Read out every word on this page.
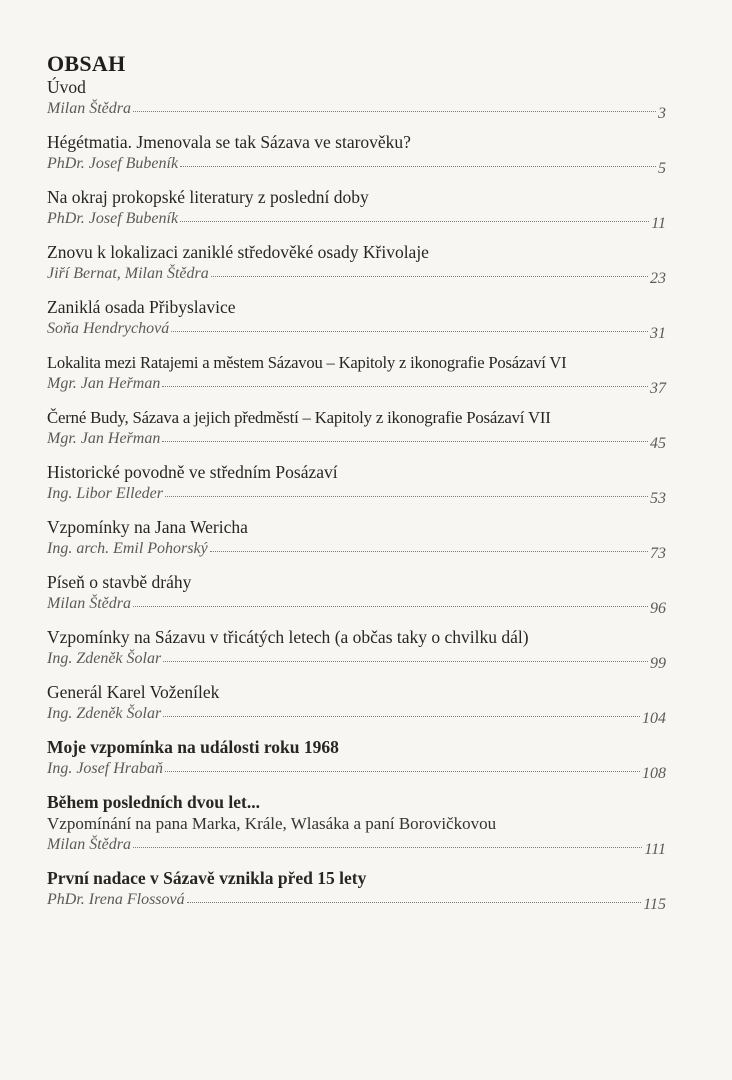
OBSAH
Úvod
Milan Štědra	3
Hégétmatia. Jmenovala se tak Sázava ve starověku?
PhDr. Josef Bubeník	5
Na okraj prokopské literatury z poslední doby
PhDr. Josef Bubeník	11
Znovu k lokalizaci zaniklé středověké osady Křivolaje
Jiří Bernat, Milan Štědra	23
Zaniklá osada Přibyslavice
Soňa Hendrychová	31
Lokalita mezi Ratajemi a městem Sázavou – Kapitoly z ikonografie Posázaví VI
Mgr. Jan Heřman	37
Černé Budy, Sázava a jejich předměstí – Kapitoly z ikonografie Posázaví VII
Mgr. Jan Heřman	45
Historické povodně ve středním Posázaví
Ing. Libor Elleder	53
Vzpomínky na Jana Wericha
Ing. arch. Emil Pohorský	73
Píseň o stavbě dráhy
Milan Štědra	96
Vzpomínky na Sázavu v třicátých letech (a občas taky o chvilku dál)
Ing. Zdeněk Šolar	99
Generál Karel Voženílek
Ing. Zdeněk Šolar	104
Moje vzpomínka na události roku 1968
Ing. Josef Hrabaň	108
Během posledních dvou let...
Vzpomínání na pana Marka, Krále, Wlasáka a paní Borovičkovou
Milan Štědra	111
První nadace v Sázavě vznikla před 15 lety
PhDr. Irena Flossová	115
